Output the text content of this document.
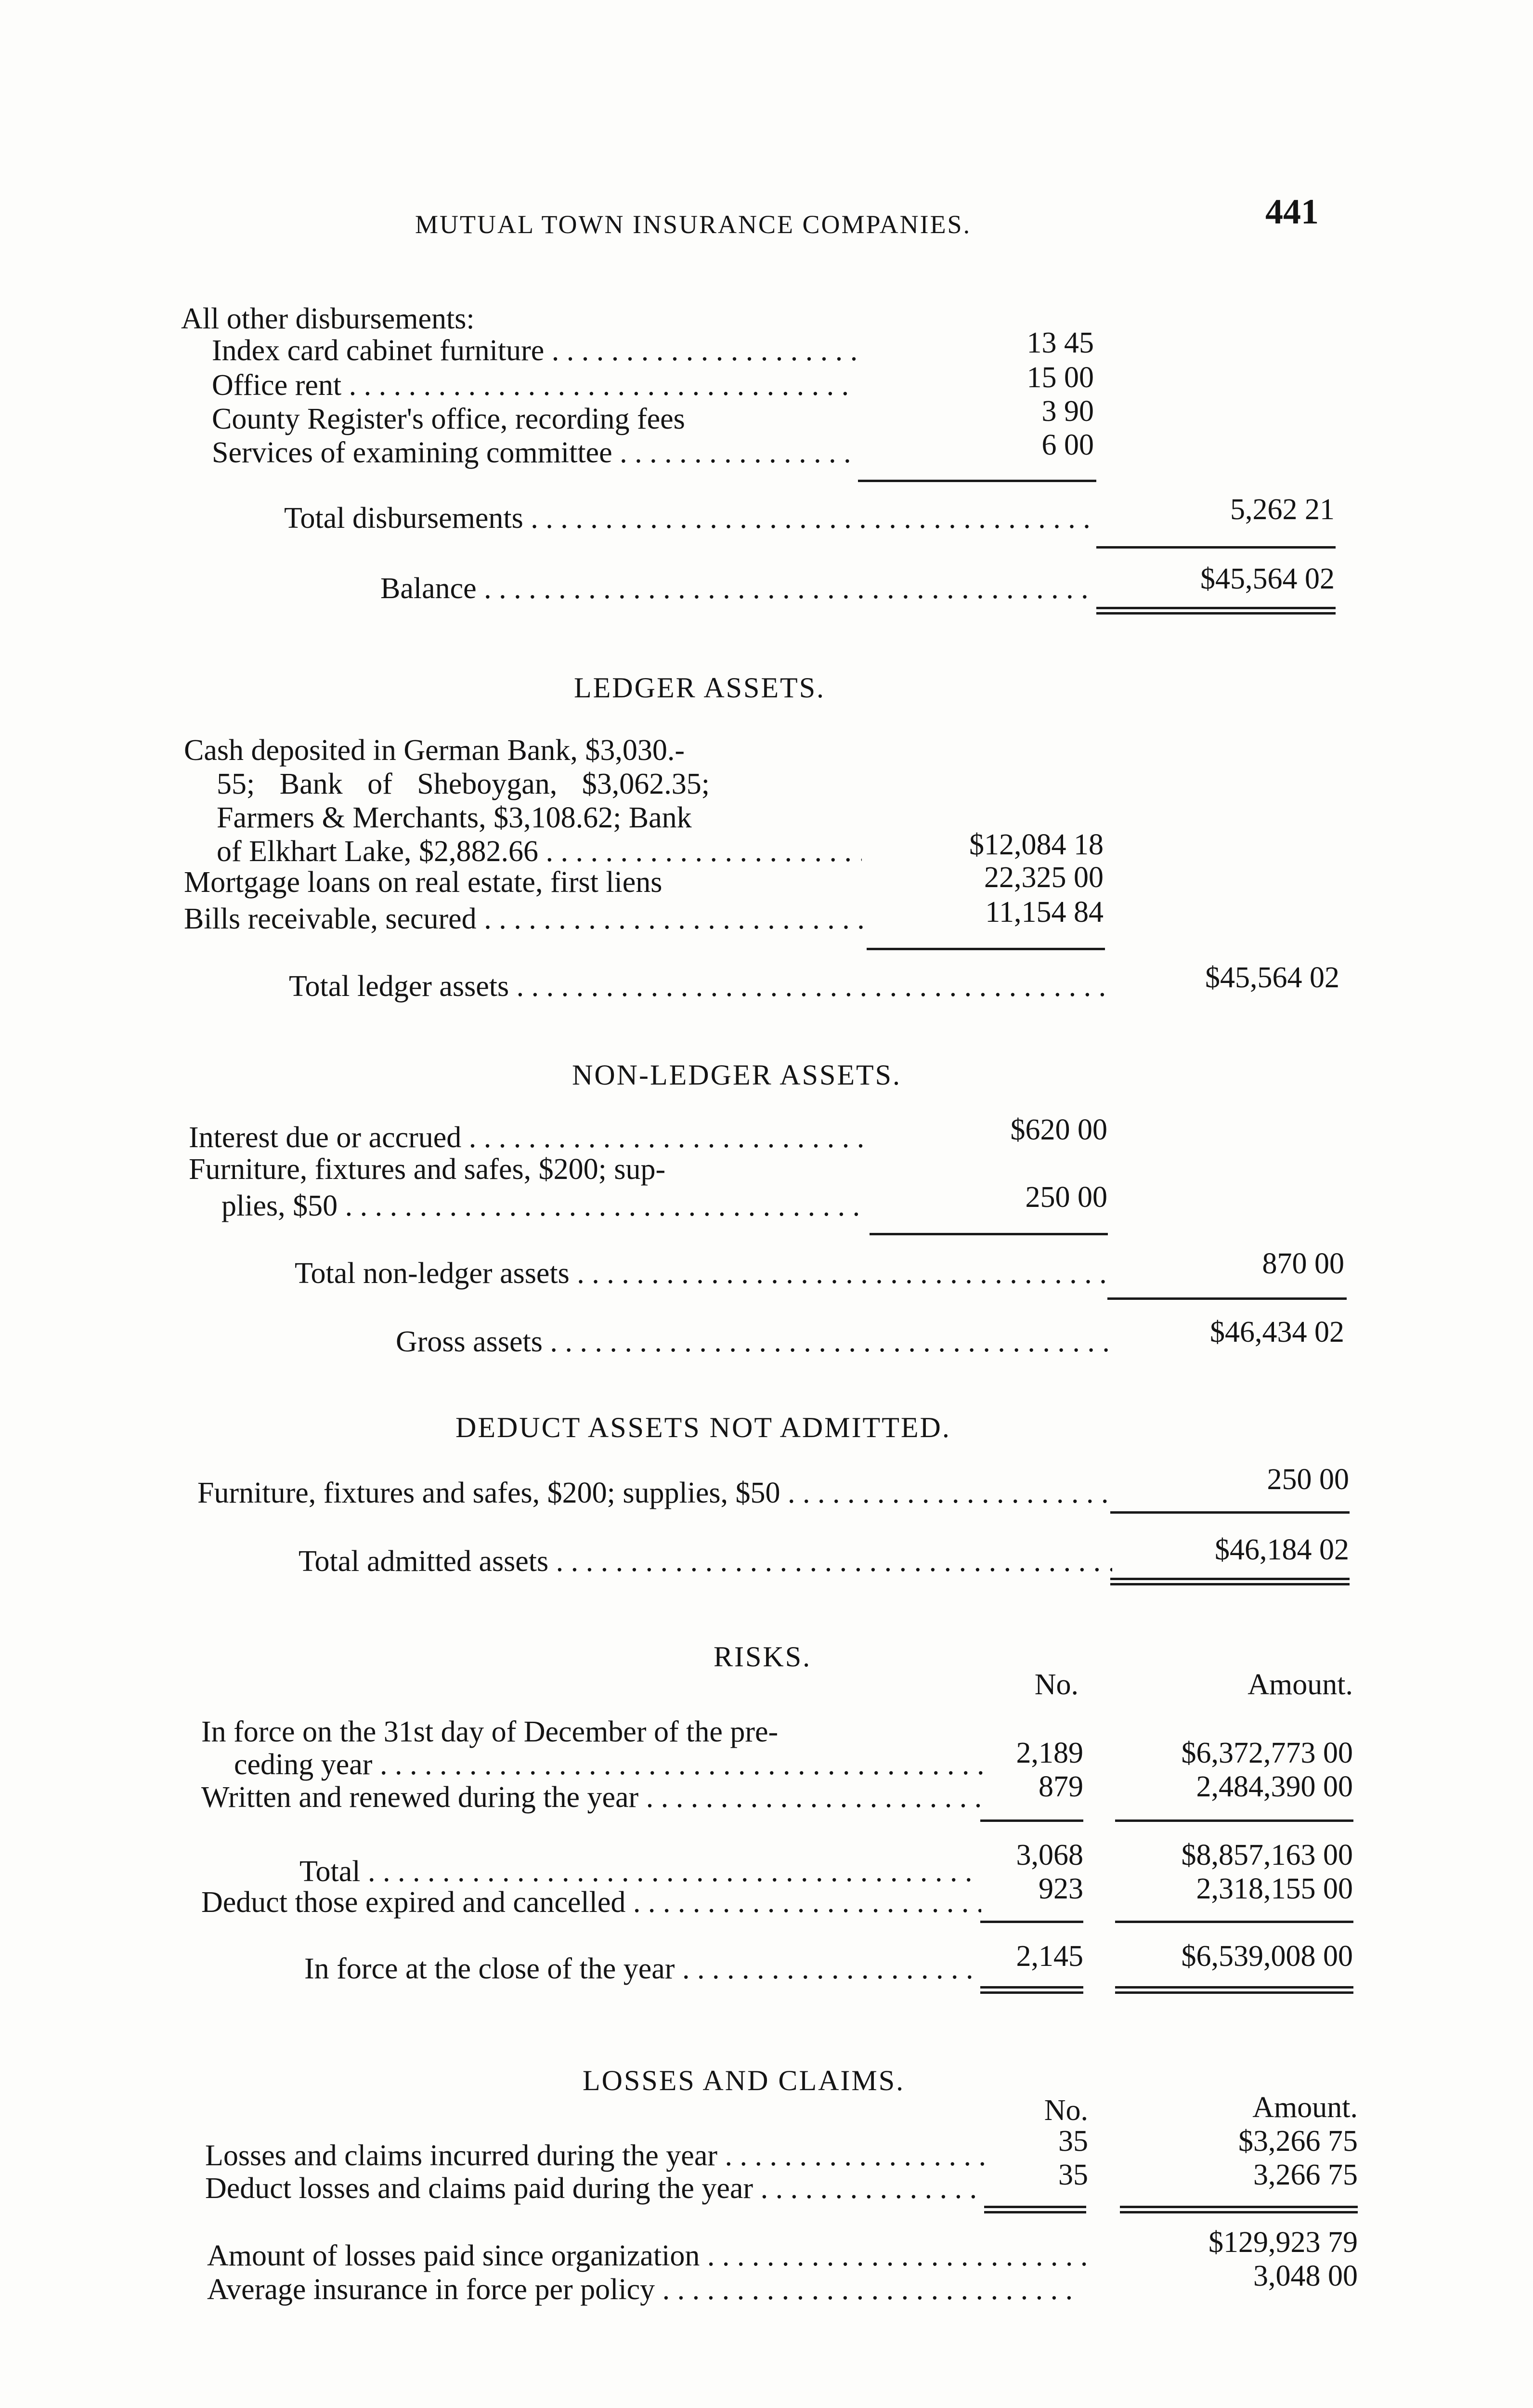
MUTUAL TOWN INSURANCE COMPANIES.	441
All other disbursements:
Index card cabinet furniture . . .	13 45
Office rent . . .	15 00
County Register's office, recording fees	3 90
Services of examining committee . . .	6 00
Total disbursements . . .	5,262 21
Balance . . .	$45,564 02
LEDGER ASSETS.
Cash deposited in German Bank, $3,030.-
55; Bank of Sheboygan, $3,062.35;
Farmers & Merchants, $3,108.62; Bank
of Elkhart Lake, $2,882.66 . . .	$12,084 18
Mortgage loans on real estate, first liens	22,325 00
Bills receivable, secured . . .	11,154 84
Total ledger assets . . .	$45,564 02
NON-LEDGER ASSETS.
Interest due or accrued . . .	$620 00
Furniture, fixtures and safes, $200; sup-
plies, $50 . . .	250 00
Total non-ledger assets . . .	870 00
Gross assets . . .	$46,434 02
DEDUCT ASSETS NOT ADMITTED.
Furniture, fixtures and safes, $200; supplies, $50 . . .	250 00
Total admitted assets . . .	$46,184 02
RISKS.
No.	Amount.
In force on the 31st day of December of the pre-
ceding year . . .	2,189	$6,372,773 00
Written and renewed during the year . . .	879	2,484,390 00
Total . . .	3,068	$8,857,163 00
Deduct those expired and cancelled . . .	923	2,318,155 00
In force at the close of the year . . .	2,145	$6,539,008 00
LOSSES AND CLAIMS.
No.	Amount.
Losses and claims incurred during the year . . .	35	$3,266 75
Deduct losses and claims paid during the year . . .	35	3,266 75
Amount of losses paid since organization . . .	$129,923 79
Average insurance in force per policy . . .	3,048 00
